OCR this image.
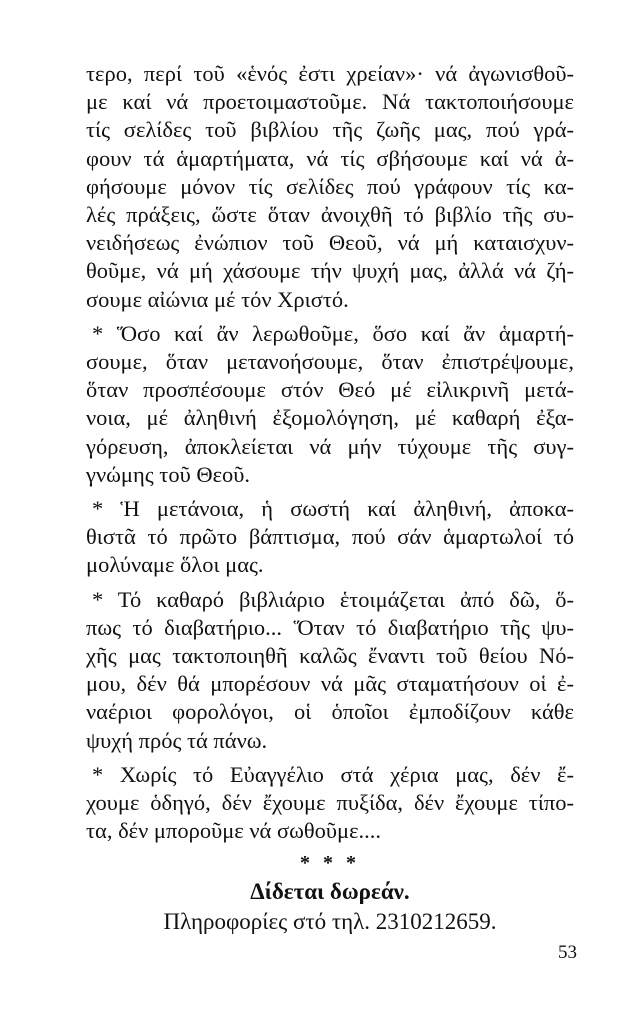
τερο, περί τοῦ «ἑνός ἐστι χρείαν»· νά ἀγωνισθοῦ-
με καί νά προετοιμαστοῦμε. Νά τακτοποιήσουμε
τίς σελίδες τοῦ βιβλίου τῆς ζωῆς μας, πού γρά-
φουν τά ἁμαρτήματα, νά τίς σβήσουμε καί νά ἀ-
φήσουμε μόνον τίς σελίδες πού γράφουν τίς κα-
λές πράξεις, ὥστε ὅταν ἀνοιχθῆ τό βιβλίο τῆς συ-
νειδήσεως ἐνώπιον τοῦ Θεοῦ, νά μή καταισχυν-
θοῦμε, νά μή χάσουμε τήν ψυχή μας, ἀλλά νά ζή-
σουμε αἰώνια μέ τόν Χριστό.
* Ὅσο καί ἄν λερωθοῦμε, ὅσο καί ἄν ἁμαρτή-
σουμε, ὅταν μετανοήσουμε, ὅταν ἐπιστρέψουμε,
ὅταν προσπέσουμε στόν Θεό μέ εἰλικρινῆ μετά-
νοια, μέ ἀληθινή ἐξομολόγηση, μέ καθαρή ἐξα-
γόρευση, ἀποκλείεται νά μήν τύχουμε τῆς συγ-
γνώμης τοῦ Θεοῦ.
* Ἡ μετάνοια, ἡ σωστή καί ἀληθινή, ἀποκα-
θιστᾶ τό πρῶτο βάπτισμα, πού σάν ἁμαρτωλοί τό
μολύναμε ὅλοι μας.
* Τό καθαρό βιβλιάριο ἑτοιμάζεται ἀπό δῶ, ὅ-
πως τό διαβατήριο... Ὅταν τό διαβατήριο τῆς ψυ-
χῆς μας τακτοποιηθῆ καλῶς ἔναντι τοῦ θείου Νό-
μου, δέν θά μπορέσουν νά μᾶς σταματήσουν οἱ ἐ-
ναέριοι φορολόγοι, οἱ ὁποῖοι ἐμποδίζουν κάθε
ψυχή πρός τά πάνω.
* Χωρίς τό Εὐαγγέλιο στά χέρια μας, δέν ἔ-
χουμε ὁδηγό, δέν ἔχουμε πυξίδα, δέν ἔχουμε τίπο-
τα, δέν μποροῦμε νά σωθοῦμε....
* * *
Δίδεται δωρεάν.
Πληροφορίες στό τηλ. 2310212659.
53
